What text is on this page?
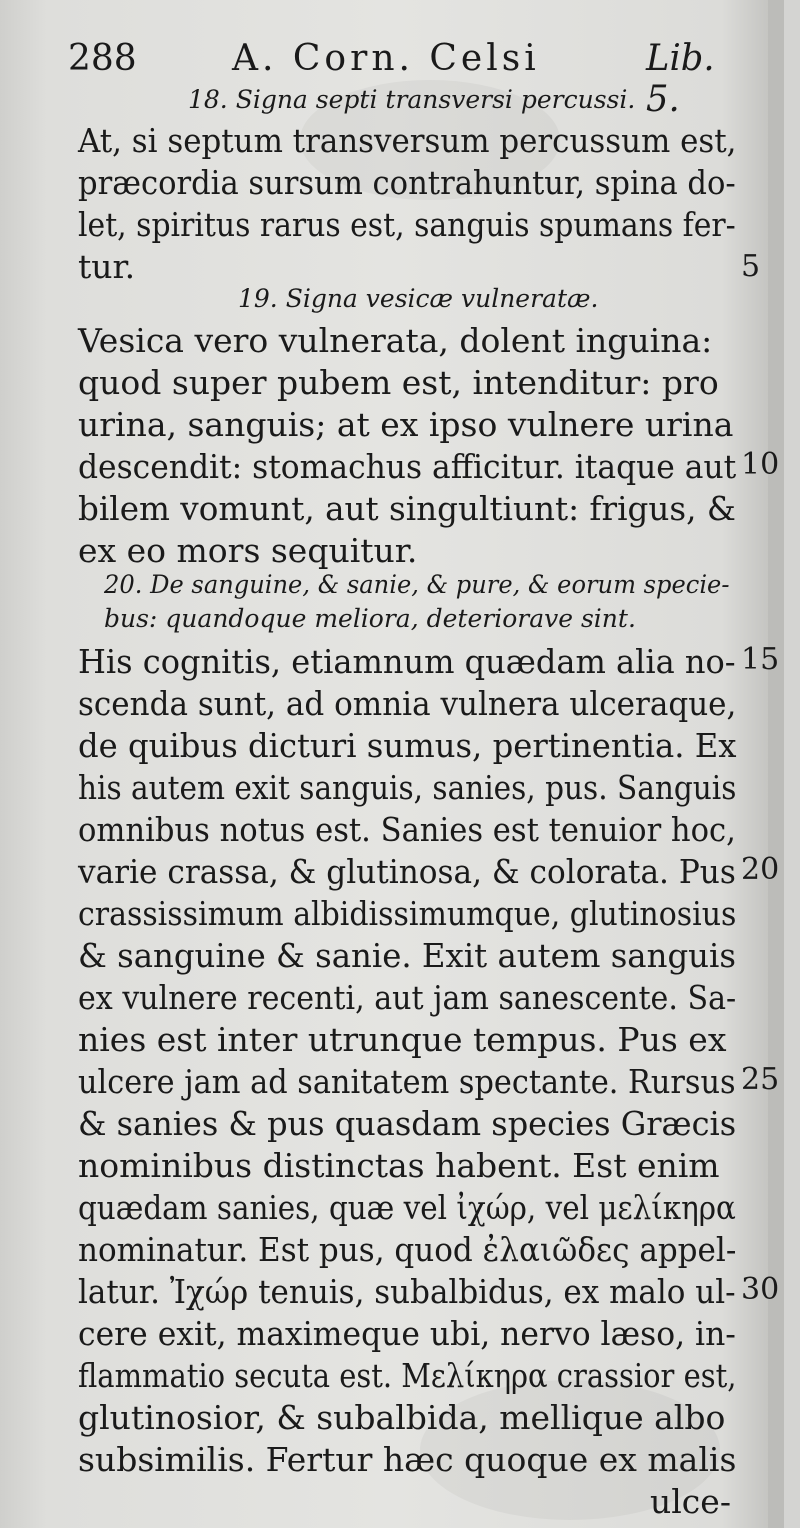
288	A. Corn. Celsi	Lib. 5.
18. Signa septi transversi percussi.
At, si septum transversum percussum est,
præcordia sursum contrahuntur, spina do-
let, spiritus rarus est, sanguis spumans fer-
tur.	5
19. Signa vesicæ vulneratæ.
Vesica vero vulnerata, dolent inguina:
quod super pubem est, intenditur: pro
urina, sanguis; at ex ipso vulnere urina
descendit: stomachus afficitur. itaque aut 10
bilem vomunt, aut singultiunt: frigus, &
ex eo mors sequitur.
20. De sanguine, & sanie, & pure, & eorum specie-
bus: quandoque meliora, deteriorave sint.
His cognitis, etiamnum quædam alia no- 15
scenda sunt, ad omnia vulnera ulceraque,
de quibus dicturi sumus, pertinentia. Ex
his autem exit sanguis, sanies, pus. Sanguis
omnibus notus est. Sanies est tenuior hoc,
varie crassa, & glutinosa, & colorata. Pus 20
crassissimum albidissimumque, glutinosius
& sanguine & sanie. Exit autem sanguis
ex vulnere recenti, aut jam sanescente. Sa-
nies est inter utrunque tempus. Pus ex
ulcere jam ad sanitatem spectante. Rursus 25
& sanies & pus quasdam species Græcis
nominibus distinctas habent. Est enim
quædam sanies, quæ vel ἰχώρ, vel μελίκηρα
nominatur. Est pus, quod ἐλαιῶδες appel-
latur. Ἰχώρ tenuis, subalbidus, ex malo ul- 30
cere exit, maximeque ubi, nervo læso, in-
flammatio secuta est. Μελίκηρα crassior est,
glutinosior, & subalbida, mellique albo
subsimilis. Fertur hæc quoque ex malis
ulce-
